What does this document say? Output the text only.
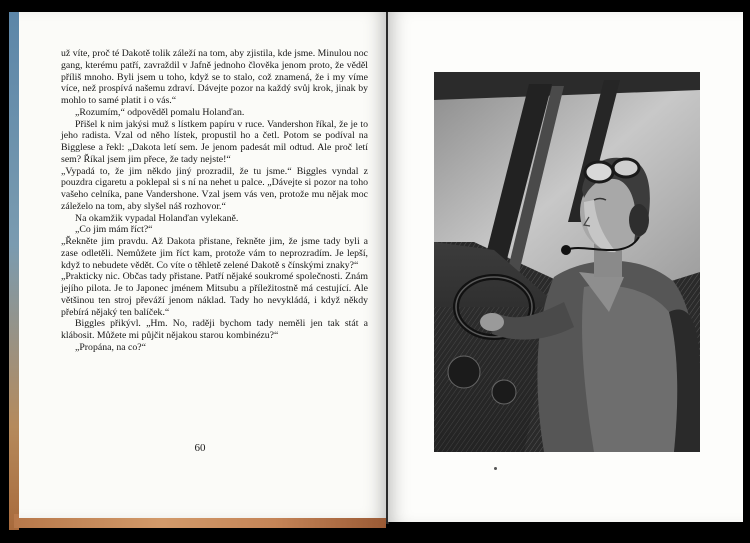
už víte, proč té Dakotě tolik záleží na tom, aby zjistila, kde jsme. Minulou noc gang, kterému patří, zavraždil v Jafně jednoho člověka jenom proto, že věděl příliš mnoho. Byli jsem u toho, když se to stalo, což znamená, že i my víme více, než prospívá našemu zdraví. Dávejte pozor na každý svůj krok, jinak by mohlo to samé platit i o vás.“

„Rozumím,“ odpověděl pomalu Holanďan.

Přišel k nim jakýsi muž s lístkem papíru v ruce. Vandershon říkal, že je to jeho radista. Vzal od něho lístek, propustil ho a četl. Potom se podíval na Bigglese a řekl: „Dakota letí sem. Je jenom padesát mil odtud. Ale proč letí sem? Říkal jsem jim přece, že tady nejste!“

„Vypadá to, že jim někdo jiný prozradil, že tu jsme.“ Biggles vyndal z pouzdra cigaretu a poklepal si s ní na nehet u palce. „Dávejte si pozor na toho vašeho celníka, pane Vandershone. Vzal jsem vás ven, protože mu nějak moc záleželo na tom, aby slyšel náš rozhovor.“

Na okamžik vypadal Holanďan vylekaně.

„Co jim mám říct?“

„Řekněte jim pravdu. Až Dakota přistane, řekněte jim, že jsme tady byli a zase odletěli. Nemůžete jim říct kam, protože vám to neprozradím. Je lepší, když to nebudete vědět. Co víte o těhletě zelené Dakotě s čínskými znaky?“

„Prakticky nic. Občas tady přistane. Patří nějaké soukromé společnosti. Znám jejího pilota. Je to Japonec jménem Mitsubu a příležitostně má cestující. Ale většinou ten stroj převáží jenom náklad. Tady ho nevykládá, i když někdy přebírá nějaký ten balíček.“

Biggles přikývl. „Hm. No, raději bychom tady neměli jen tak stát a klábosit. Můžete mi půjčit nějakou starou kombinézu?“

„Propána, na co?“

60
